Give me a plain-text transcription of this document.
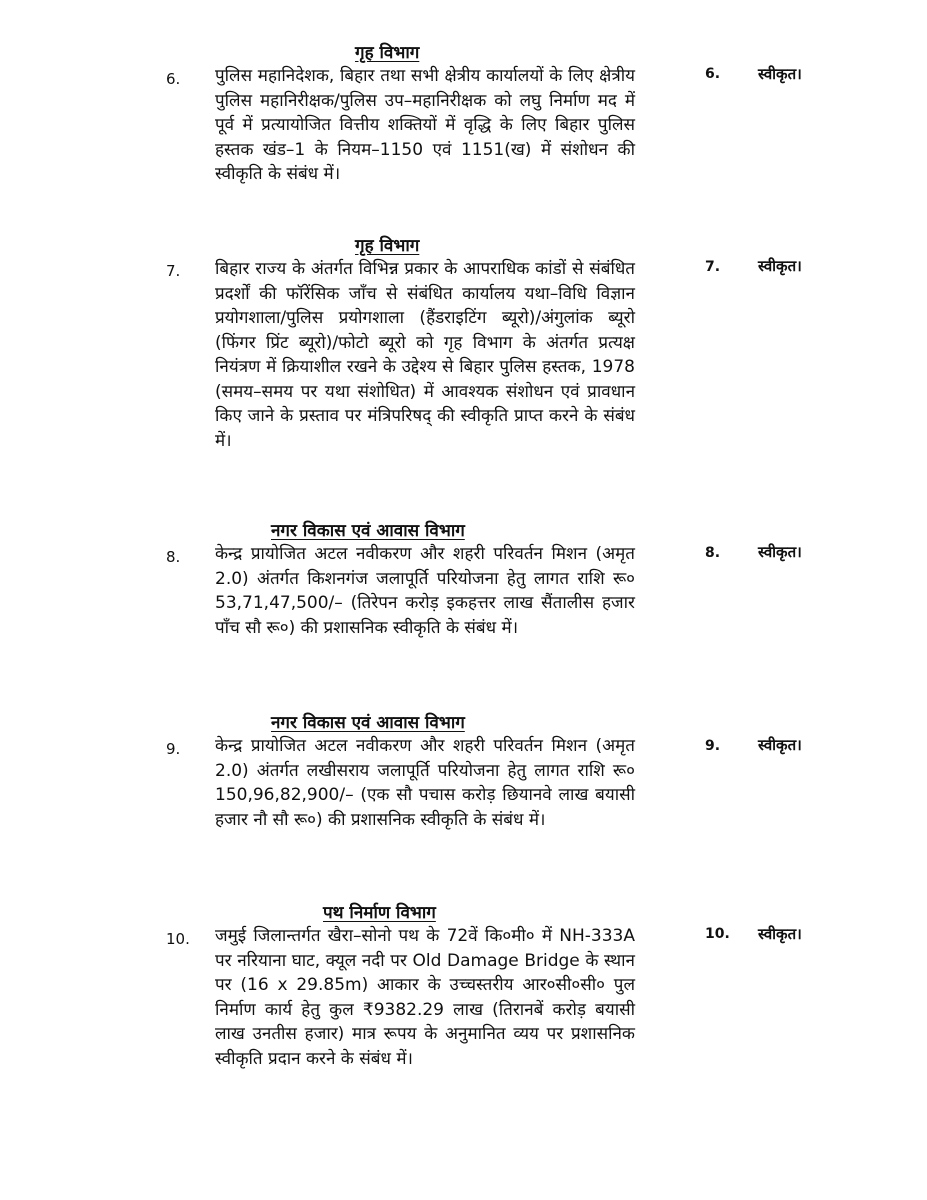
गृह विभाग
6. पुलिस महानिदेशक, बिहार तथा सभी क्षेत्रीय कार्यालयों के लिए क्षेत्रीय पुलिस महानिरीक्षक/पुलिस उप–महानिरीक्षक को लघु निर्माण मद में पूर्व में प्रत्यायोजित वित्तीय शक्तियों में वृद्धि के लिए बिहार पुलिस हस्तक खंड–1 के नियम–1150 एवं 1151(ख) में संशोधन की स्वीकृति के संबंध में।
6.	स्वीकृत।
गृह विभाग
7. बिहार राज्य के अंतर्गत विभिन्न प्रकार के आपराधिक कांडों से संबंधित प्रदर्शों की फॉरेंसिक जाँच से संबंधित कार्यालय यथा–विधि विज्ञान प्रयोगशाला/पुलिस प्रयोगशाला (हैंडराइटिंग ब्यूरो)/अंगुलांक ब्यूरो (फिंगर प्रिंट ब्यूरो)/फोटो ब्यूरो को गृह विभाग के अंतर्गत प्रत्यक्ष नियंत्रण में क्रियाशील रखने के उद्देश्य से बिहार पुलिस हस्तक, 1978 (समय–समय पर यथा संशोधित) में आवश्यक संशोधन एवं प्रावधान किए जाने के प्रस्ताव पर मंत्रिपरिषद् की स्वीकृति प्राप्त करने के संबंध में।
7.	स्वीकृत।
नगर विकास एवं आवास विभाग
8. केन्द्र प्रायोजित अटल नवीकरण और शहरी परिवर्तन मिशन (अमृत 2.0) अंतर्गत किशनगंज जलापूर्ति परियोजना हेतु लागत राशि रू० 53,71,47,500/– (तिरेपन करोड़ इकहत्तर लाख सैंतालीस हजार पाँच सौ रू०) की प्रशासनिक स्वीकृति के संबंध में।
8.	स्वीकृत।
नगर विकास एवं आवास विभाग
9. केन्द्र प्रायोजित अटल नवीकरण और शहरी परिवर्तन मिशन (अमृत 2.0) अंतर्गत लखीसराय जलापूर्ति परियोजना हेतु लागत राशि रू० 150,96,82,900/– (एक सौ पचास करोड़ छियानवे लाख बयासी हजार नौ सौ रू०) की प्रशासनिक स्वीकृति के संबंध में।
9.	स्वीकृत।
पथ निर्माण विभाग
10. जमुई जिलान्तर्गत खैरा–सोनो पथ के 72वें कि०मी० में NH-333A पर नरियाना घाट, क्यूल नदी पर Old Damage Bridge के स्थान पर (16 x 29.85m) आकार के उच्चस्तरीय आर०सी०सी० पुल निर्माण कार्य हेतु कुल ₹9382.29 लाख (तिरानबें करोड़ बयासी लाख उनतीस हजार) मात्र रूपय के अनुमानित व्यय पर प्रशासनिक स्वीकृति प्रदान करने के संबंध में।
10. स्वीकृत।
